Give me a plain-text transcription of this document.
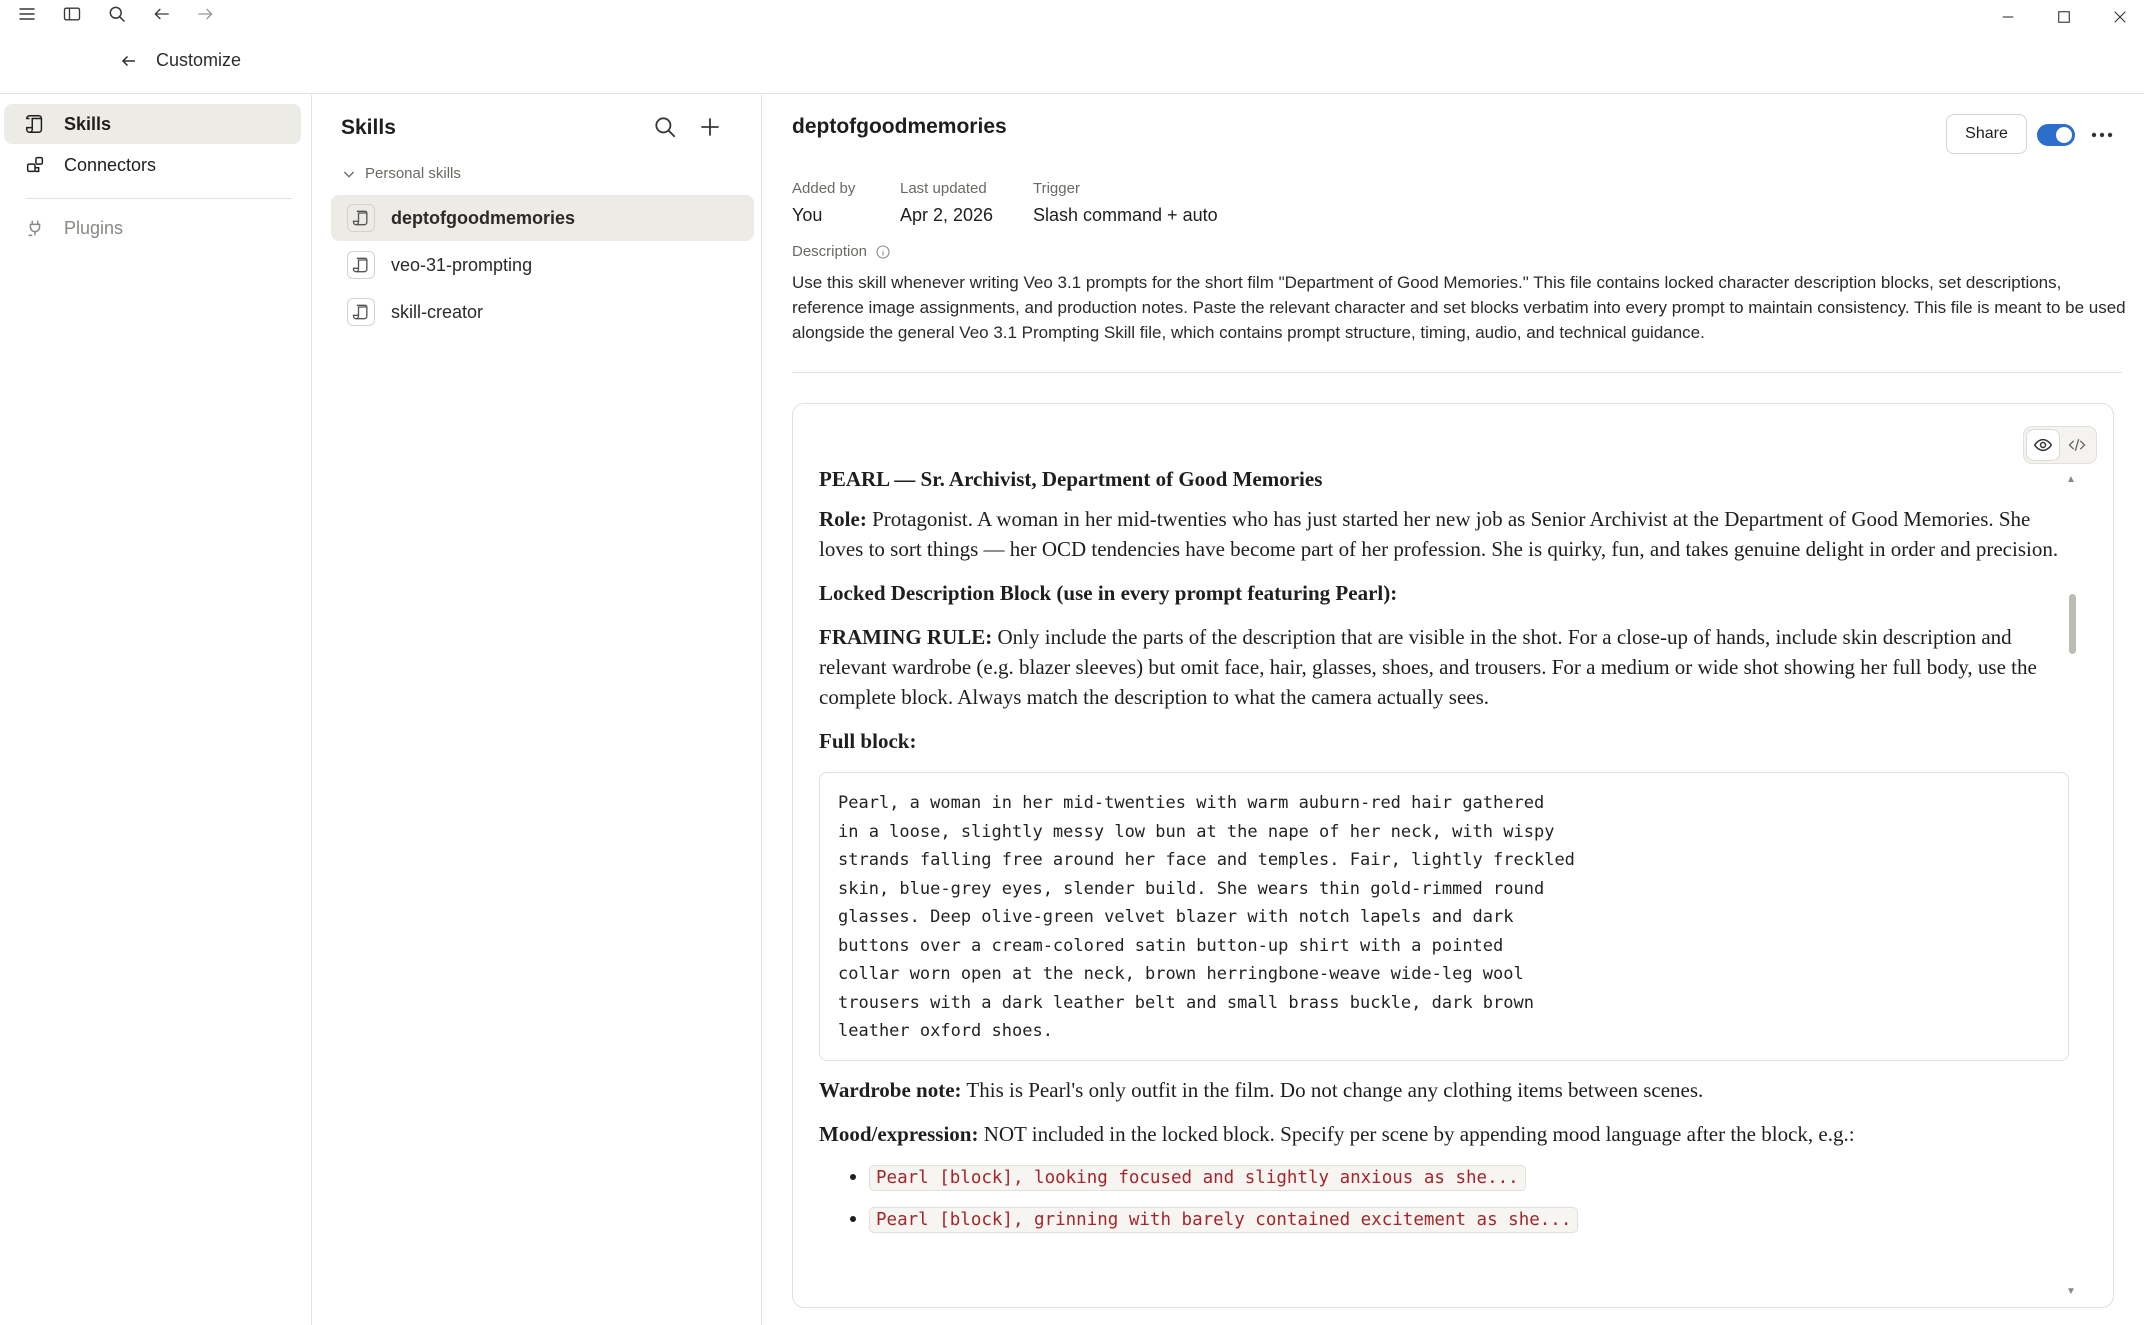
Customize
Skills
Connectors
Plugins
Skills
Personal skills
deptofgoodmemories
veo-31-prompting
skill-creator
deptofgoodmemories	Share
Added by
You
Last updated
Apr 2, 2026
Trigger
Slash command + auto
Description
Use this skill whenever writing Veo 3.1 prompts for the short film "Department of Good Memories." This file contains locked character description blocks, set descriptions, reference image assignments, and production notes. Paste the relevant character and set blocks verbatim into every prompt to maintain consistency. This file is meant to be used alongside the general Veo 3.1 Prompting Skill file, which contains prompt structure, timing, audio, and technical guidance.
PEARL — Sr. Archivist, Department of Good Memories

Role: Protagonist. A woman in her mid-twenties who has just started her new job as Senior Archivist at the Department of Good Memories. She loves to sort things — her OCD tendencies have become part of her profession. She is quirky, fun, and takes genuine delight in order and precision.

Locked Description Block (use in every prompt featuring Pearl):

FRAMING RULE: Only include the parts of the description that are visible in the shot. For a close-up of hands, include skin description and relevant wardrobe (e.g. blazer sleeves) but omit face, hair, glasses, shoes, and trousers. For a medium or wide shot showing her full body, use the complete block. Always match the description to what the camera actually sees.

Full block:

Pearl, a woman in her mid-twenties with warm auburn-red hair gathered
in a loose, slightly messy low bun at the nape of her neck, with wispy
strands falling free around her face and temples. Fair, lightly freckled
skin, blue-grey eyes, slender build. She wears thin gold-rimmed round
glasses. Deep olive-green velvet blazer with notch lapels and dark
buttons over a cream-colored satin button-up shirt with a pointed
collar worn open at the neck, brown herringbone-weave wide-leg wool
trousers with a dark leather belt and small brass buckle, dark brown
leather oxford shoes.

Wardrobe note: This is Pearl's only outfit in the film. Do not change any clothing items between scenes.

Mood/expression: NOT included in the locked block. Specify per scene by appending mood language after the block, e.g.:

• Pearl [block], looking focused and slightly anxious as she...
• Pearl [block], grinning with barely contained excitement as she...
▲
▼
